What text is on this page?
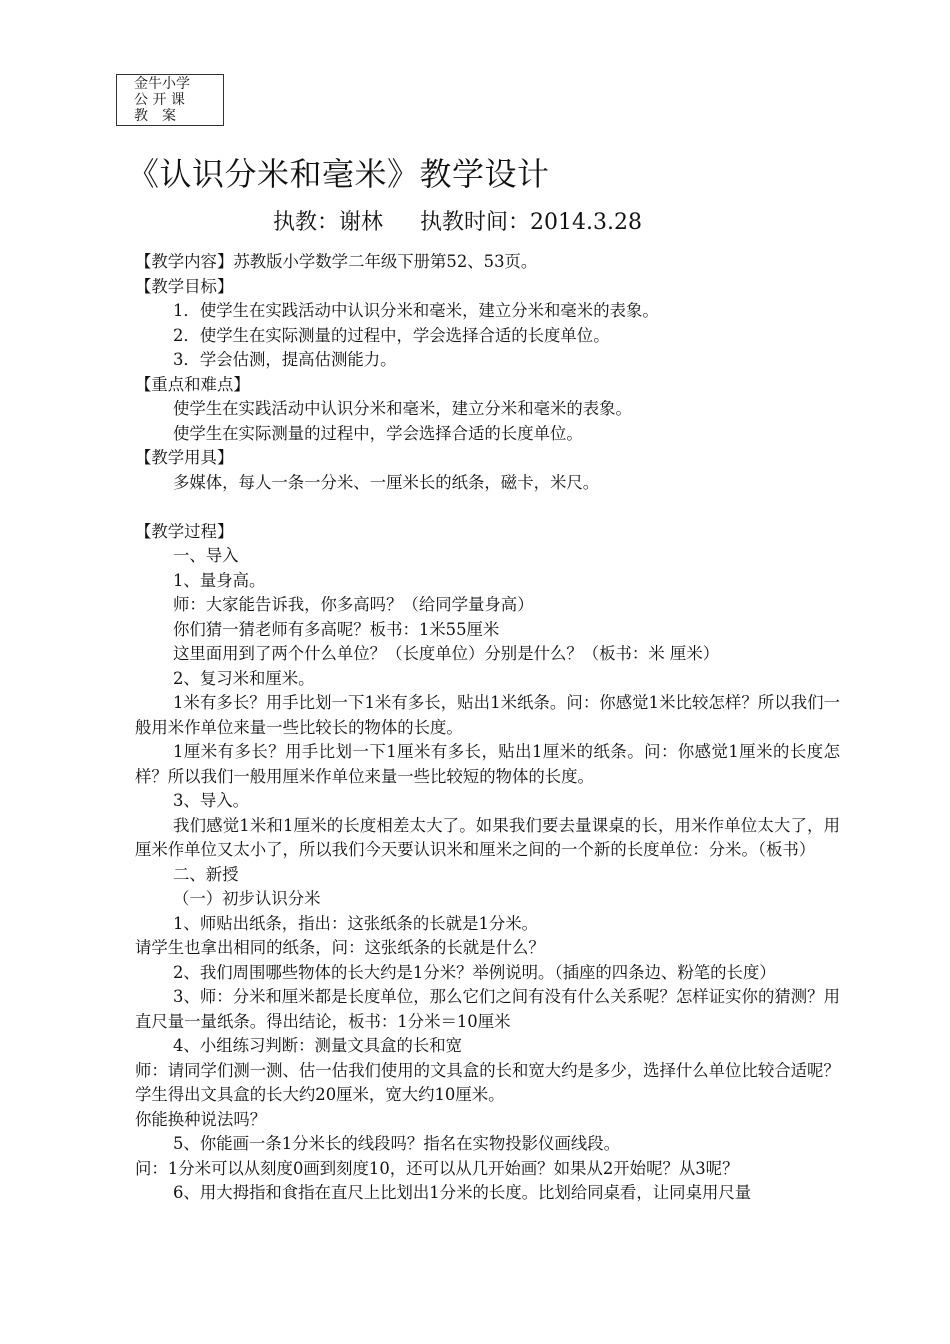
金牛小学
公 开 课
教　案
《认识分米和毫米》教学设计
执教：谢林 执教时间：2014.3.28
【教学内容】苏教版小学数学二年级下册第52、53页。
【教学目标】
1．使学生在实践活动中认识分米和毫米，建立分米和毫米的表象。
2．使学生在实际测量的过程中，学会选择合适的长度单位。
3．学会估测，提高估测能力。
【重点和难点】
使学生在实践活动中认识分米和毫米，建立分米和毫米的表象。
使学生在实际测量的过程中，学会选择合适的长度单位。
【教学用具】
多媒体，每人一条一分米、一厘米长的纸条，磁卡，米尺。
【教学过程】
一、导入
1、量身高。
师：大家能告诉我，你多高吗？（给同学量身高）
你们猜一猜老师有多高呢？板书：1米55厘米
这里面用到了两个什么单位？（长度单位）分别是什么？（板书：米 厘米）
2、复习米和厘米。
1米有多长？用手比划一下1米有多长，贴出1米纸条。问：你感觉1米比较怎样？所以我们一般用米作单位来量一些比较长的物体的长度。
1厘米有多长？用手比划一下1厘米有多长，贴出1厘米的纸条。问：你感觉1厘米的长度怎样？所以我们一般用厘米作单位来量一些比较短的物体的长度。
3、导入。
我们感觉1米和1厘米的长度相差太大了。如果我们要去量课桌的长，用米作单位太大了，用厘米作单位又太小了，所以我们今天要认识米和厘米之间的一个新的长度单位：分米。（板书）
二、新授
（一）初步认识分米
1、师贴出纸条，指出：这张纸条的长就是1分米。
请学生也拿出相同的纸条，问：这张纸条的长就是什么？
2、我们周围哪些物体的长大约是1分米？举例说明。（插座的四条边、粉笔的长度）
3、师：分米和厘米都是长度单位，那么它们之间有没有什么关系呢？怎样证实你的猜测？用直尺量一量纸条。得出结论，板书：1分米＝10厘米
4、小组练习判断：测量文具盒的长和宽
师：请同学们测一测、估一估我们使用的文具盒的长和宽大约是多少，选择什么单位比较合适呢？
学生得出文具盒的长大约20厘米，宽大约10厘米。
你能换种说法吗？
5、你能画一条1分米长的线段吗？指名在实物投影仪画线段。
问：1分米可以从刻度0画到刻度10，还可以从几开始画？如果从2开始呢？从3呢？
6、用大拇指和食指在直尺上比划出1分米的长度。比划给同桌看，让同桌用尺量
